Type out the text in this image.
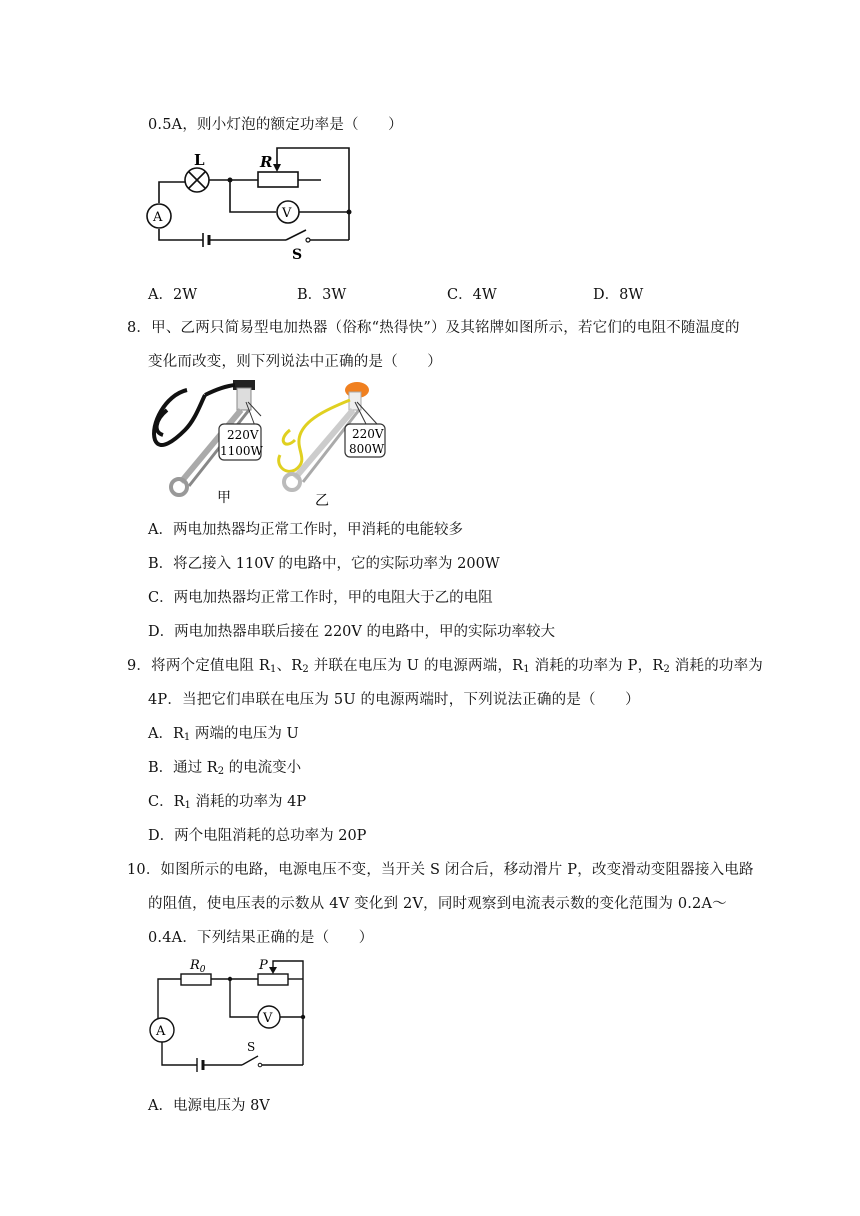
0.5A，则小灯泡的额定功率是（　　）
L	R
A	V
S
A．2W	B．3W	C．4W	D．8W
8．甲、乙两只简易型电加热器（俗称“热得快”）及其铭牌如图所示，若它们的电阻不随温度的
变化而改变，则下列说法中正确的是（　　）
220V
1100W
甲
220V
800W
乙
A．两电加热器均正常工作时，甲消耗的电能较多
B．将乙接入 110V 的电路中，它的实际功率为 200W
C．两电加热器均正常工作时，甲的电阻大于乙的电阻
D．两电加热器串联后接在 220V 的电路中，甲的实际功率较大
9．将两个定值电阻 $R_1$、$R_2$ 并联在电压为 U 的电源两端，$R_1$ 消耗的功率为 P，$R_2$ 消耗的功率为
4P．当把它们串联在电压为 5U 的电源两端时，下列说法正确的是（　　）
A．$R_1$ 两端的电压为 U
B．通过 $R_2$ 的电流变小
C．$R_1$ 消耗的功率为 4P
D．两个电阻消耗的总功率为 20P
10．如图所示的电路，电源电压不变，当开关 S 闭合后，移动滑片 P，改变滑动变阻器接入电路
的阻值，使电压表的示数从 4V 变化到 2V，同时观察到电流表示数的变化范围为 0.2A～
0.4A．下列结果正确的是（　　）
$R_0$	P
A
V
S
A．电源电压为 8V
